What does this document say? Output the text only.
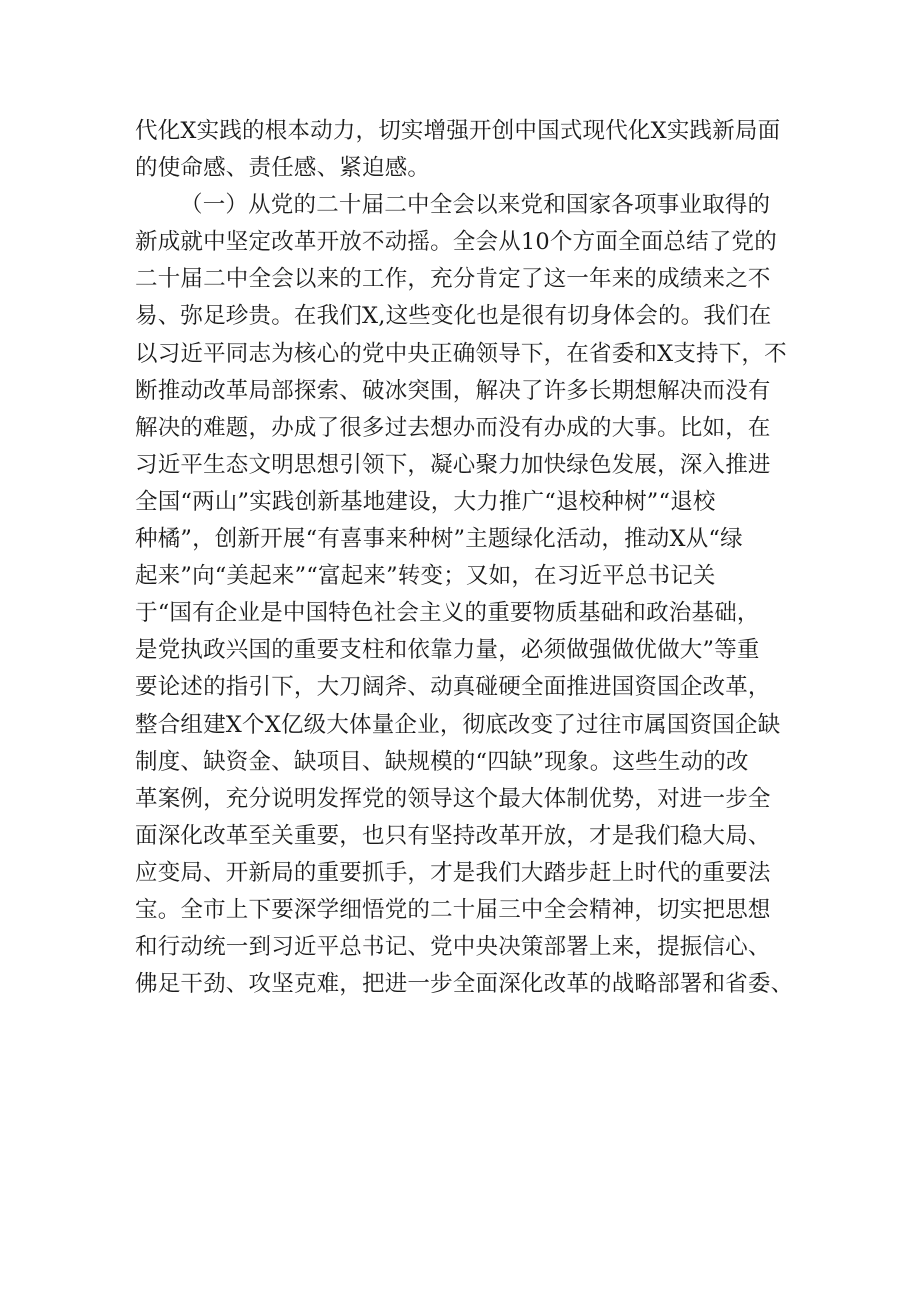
代化X实践的根本动力，切实增强开创中国式现代化X实践新局面
的使命感、责任感、紧迫感。
（一）从党的二十届二中全会以来党和国家各项事业取得的
新成就中坚定改革开放不动摇。全会从10个方面全面总结了党的
二十届二中全会以来的工作，充分肯定了这一年来的成绩来之不
易、弥足珍贵。在我们X,这些变化也是很有切身体会的。我们在
以习近平同志为核心的党中央正确领导下，在省委和X支持下，不
断推动改革局部探索、破冰突围，解决了许多长期想解决而没有
解决的难题，办成了很多过去想办而没有办成的大事。比如，在
习近平生态文明思想引领下，凝心聚力加快绿色发展，深入推进
全国“两山”实践创新基地建设，大力推广“退校种树”“退校
种橘”，创新开展“有喜事来种树”主题绿化活动，推动X从“绿
起来”向“美起来”“富起来”转变；又如，在习近平总书记关
于“国有企业是中国特色社会主义的重要物质基础和政治基础，
是党执政兴国的重要支柱和依靠力量，必须做强做优做大”等重
要论述的指引下，大刀阔斧、动真碰硬全面推进国资国企改革，
整合组建X个X亿级大体量企业，彻底改变了过往市属国资国企缺
制度、缺资金、缺项目、缺规模的“四缺”现象。这些生动的改
革案例，充分说明发挥党的领导这个最大体制优势，对进一步全
面深化改革至关重要，也只有坚持改革开放，才是我们稳大局、
应变局、开新局的重要抓手，才是我们大踏步赶上时代的重要法
宝。全市上下要深学细悟党的二十届三中全会精神，切实把思想
和行动统一到习近平总书记、党中央决策部署上来，提振信心、
佛足干劲、攻坚克难，把进一步全面深化改革的战略部署和省委、
